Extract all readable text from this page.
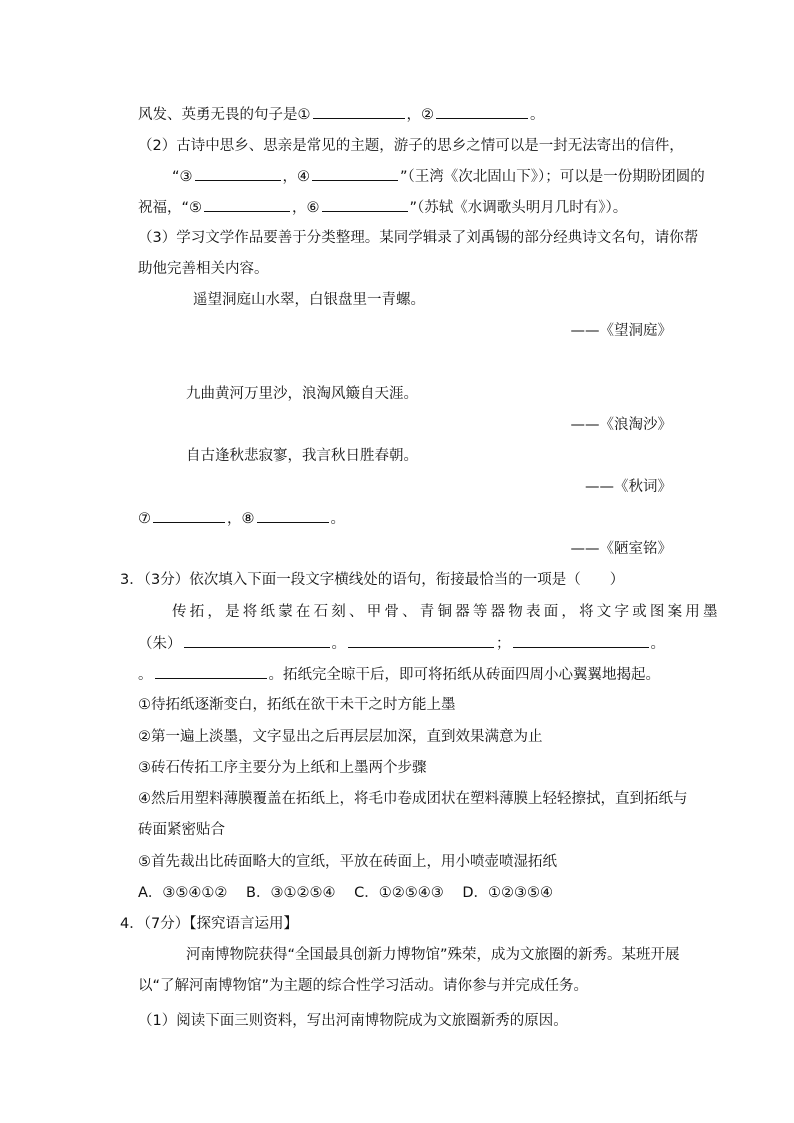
风发、英勇无畏的句子是①	，②	。
（2）古诗中思乡、思亲是常见的主题，游子的思乡之情可以是一封无法寄出的信件，
“③	，④	”（王湾《次北固山下》）；可以是一份期盼团圆的
祝福，“⑤	，⑥	”（苏轼《水调歌头明月几时有》）。
（3）学习文学作品要善于分类整理。某同学辑录了刘禹锡的部分经典诗文名句，请你帮
助他完善相关内容。
遥望洞庭山水翠，白银盘里一青螺。
——《望洞庭》
九曲黄河万里沙，浪淘风簸自天涯。
——《浪淘沙》
自古逢秋悲寂寥，我言秋日胜春朝。
——《秋词》
⑦	，⑧	。
——《陋室铭》
3．（3分）依次填入下面一段文字横线处的语句，衔接最恰当的一项是（　　）
传拓，是将纸蒙在石刻、甲骨、青铜器等器物表面，将文字或图案用墨
（朱）	。	；	。
。	。拓纸完全晾干后，即可将拓纸从砖面四周小心翼翼地揭起。
①待拓纸逐渐变白，拓纸在欲干未干之时方能上墨
②第一遍上淡墨，文字显出之后再层层加深，直到效果满意为止
③砖石传拓工序主要分为上纸和上墨两个步骤
④然后用塑料薄膜覆盖在拓纸上，将毛巾卷成团状在塑料薄膜上轻轻擦拭，直到拓纸与
砖面紧密贴合
⑤首先裁出比砖面略大的宣纸，平放在砖面上，用小喷壶喷湿拓纸
A．③⑤④①② B．③①②⑤④ C．①②⑤④③ D．①②③⑤④
4．（7分）【探究语言运用】
河南博物院获得“全国最具创新力博物馆”殊荣，成为文旅圈的新秀。某班开展
以“了解河南博物馆”为主题的综合性学习活动。请你参与并完成任务。
（1）阅读下面三则资料，写出河南博物院成为文旅圈新秀的原因。
